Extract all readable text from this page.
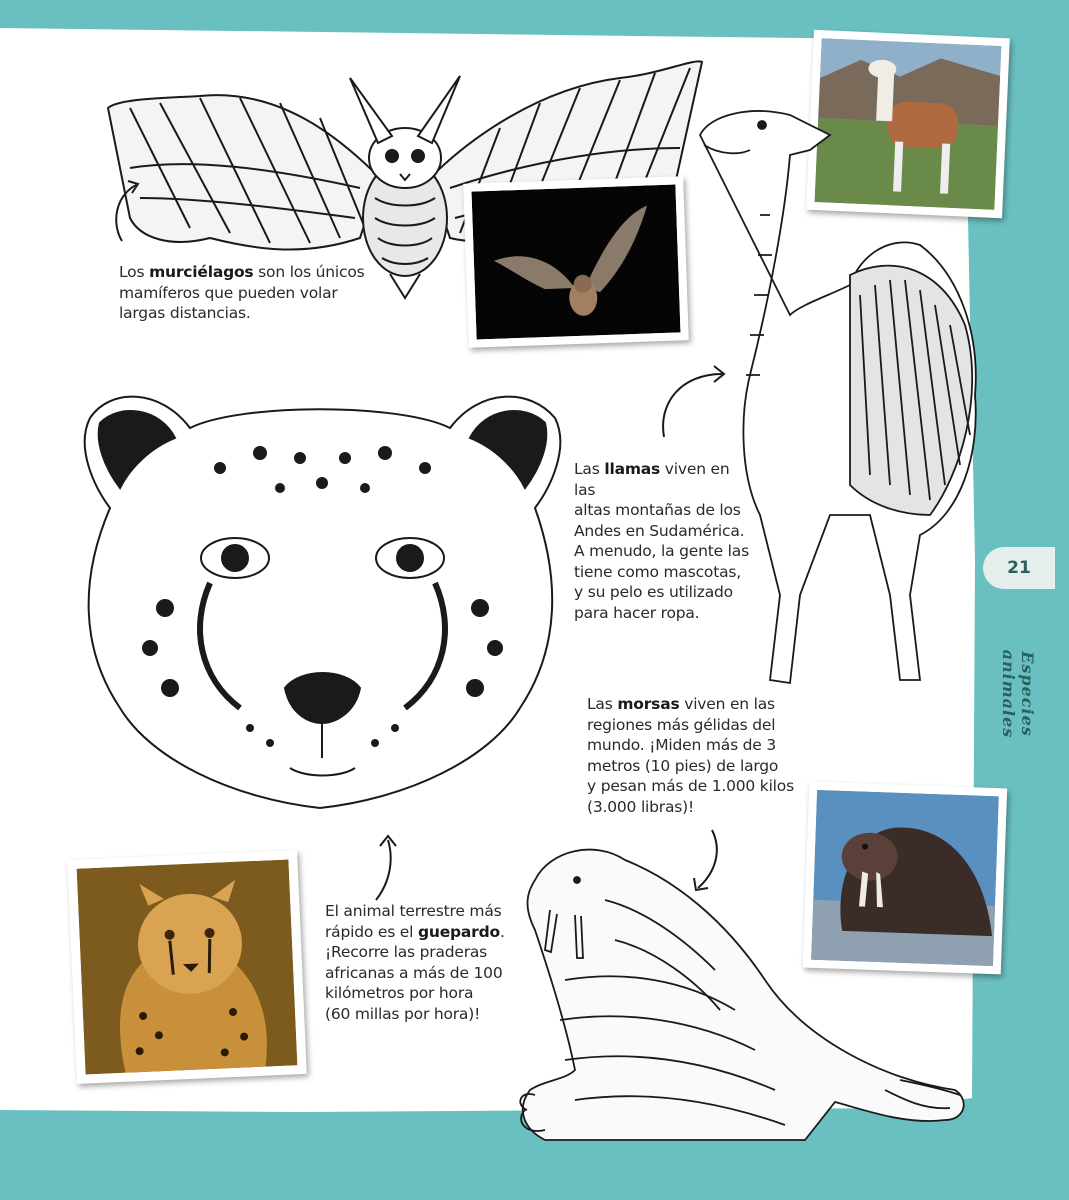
Los murciélagos son los únicos
mamíferos que pueden volar
largas distancias.
Las llamas viven en las
altas montañas de los
Andes en Sudamérica.
A menudo, la gente las
tiene como mascotas,
y su pelo es utilizado
para hacer ropa.
El animal terrestre más
rápido es el guepardo.
¡Recorre las praderas
africanas a más de 100
kilómetros por hora
(60 millas por hora)!
Las morsas viven en las
regiones más gélidas del
mundo. ¡Miden más de 3
metros (10 pies) de largo
y pesan más de 1.000 kilos
(3.000 libras)!
21
Especies animales
